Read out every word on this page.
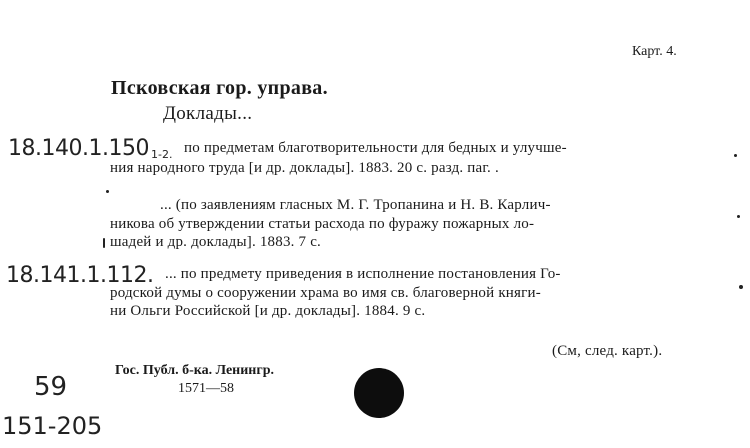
Карт. 4.
Псковская гор. управа.
Доклады...
18.140.1.150 1-2. по предметам благотворительности для бедных и улучше-
ния народного труда [и др. доклады]. 1883. 20 с. разд. паг. .
... (по заявлениям гласных М. Г. Тропанина и Н. В. Карлич-
никова об утверждении статьи расхода по фуражу пожарных ло-
шадей и др. доклады]. 1883. 7 с.
18.141.1.112. ... по предмету приведения в исполнение постановления Го-
родской думы о сооружении храма во имя св. благоверной княги-
ни Ольги Российской [и др. доклады]. 1884. 9 с.
(См, след. карт.).
Гос. Публ. б-ка. Ленингр.
1571—58
59
151-205
